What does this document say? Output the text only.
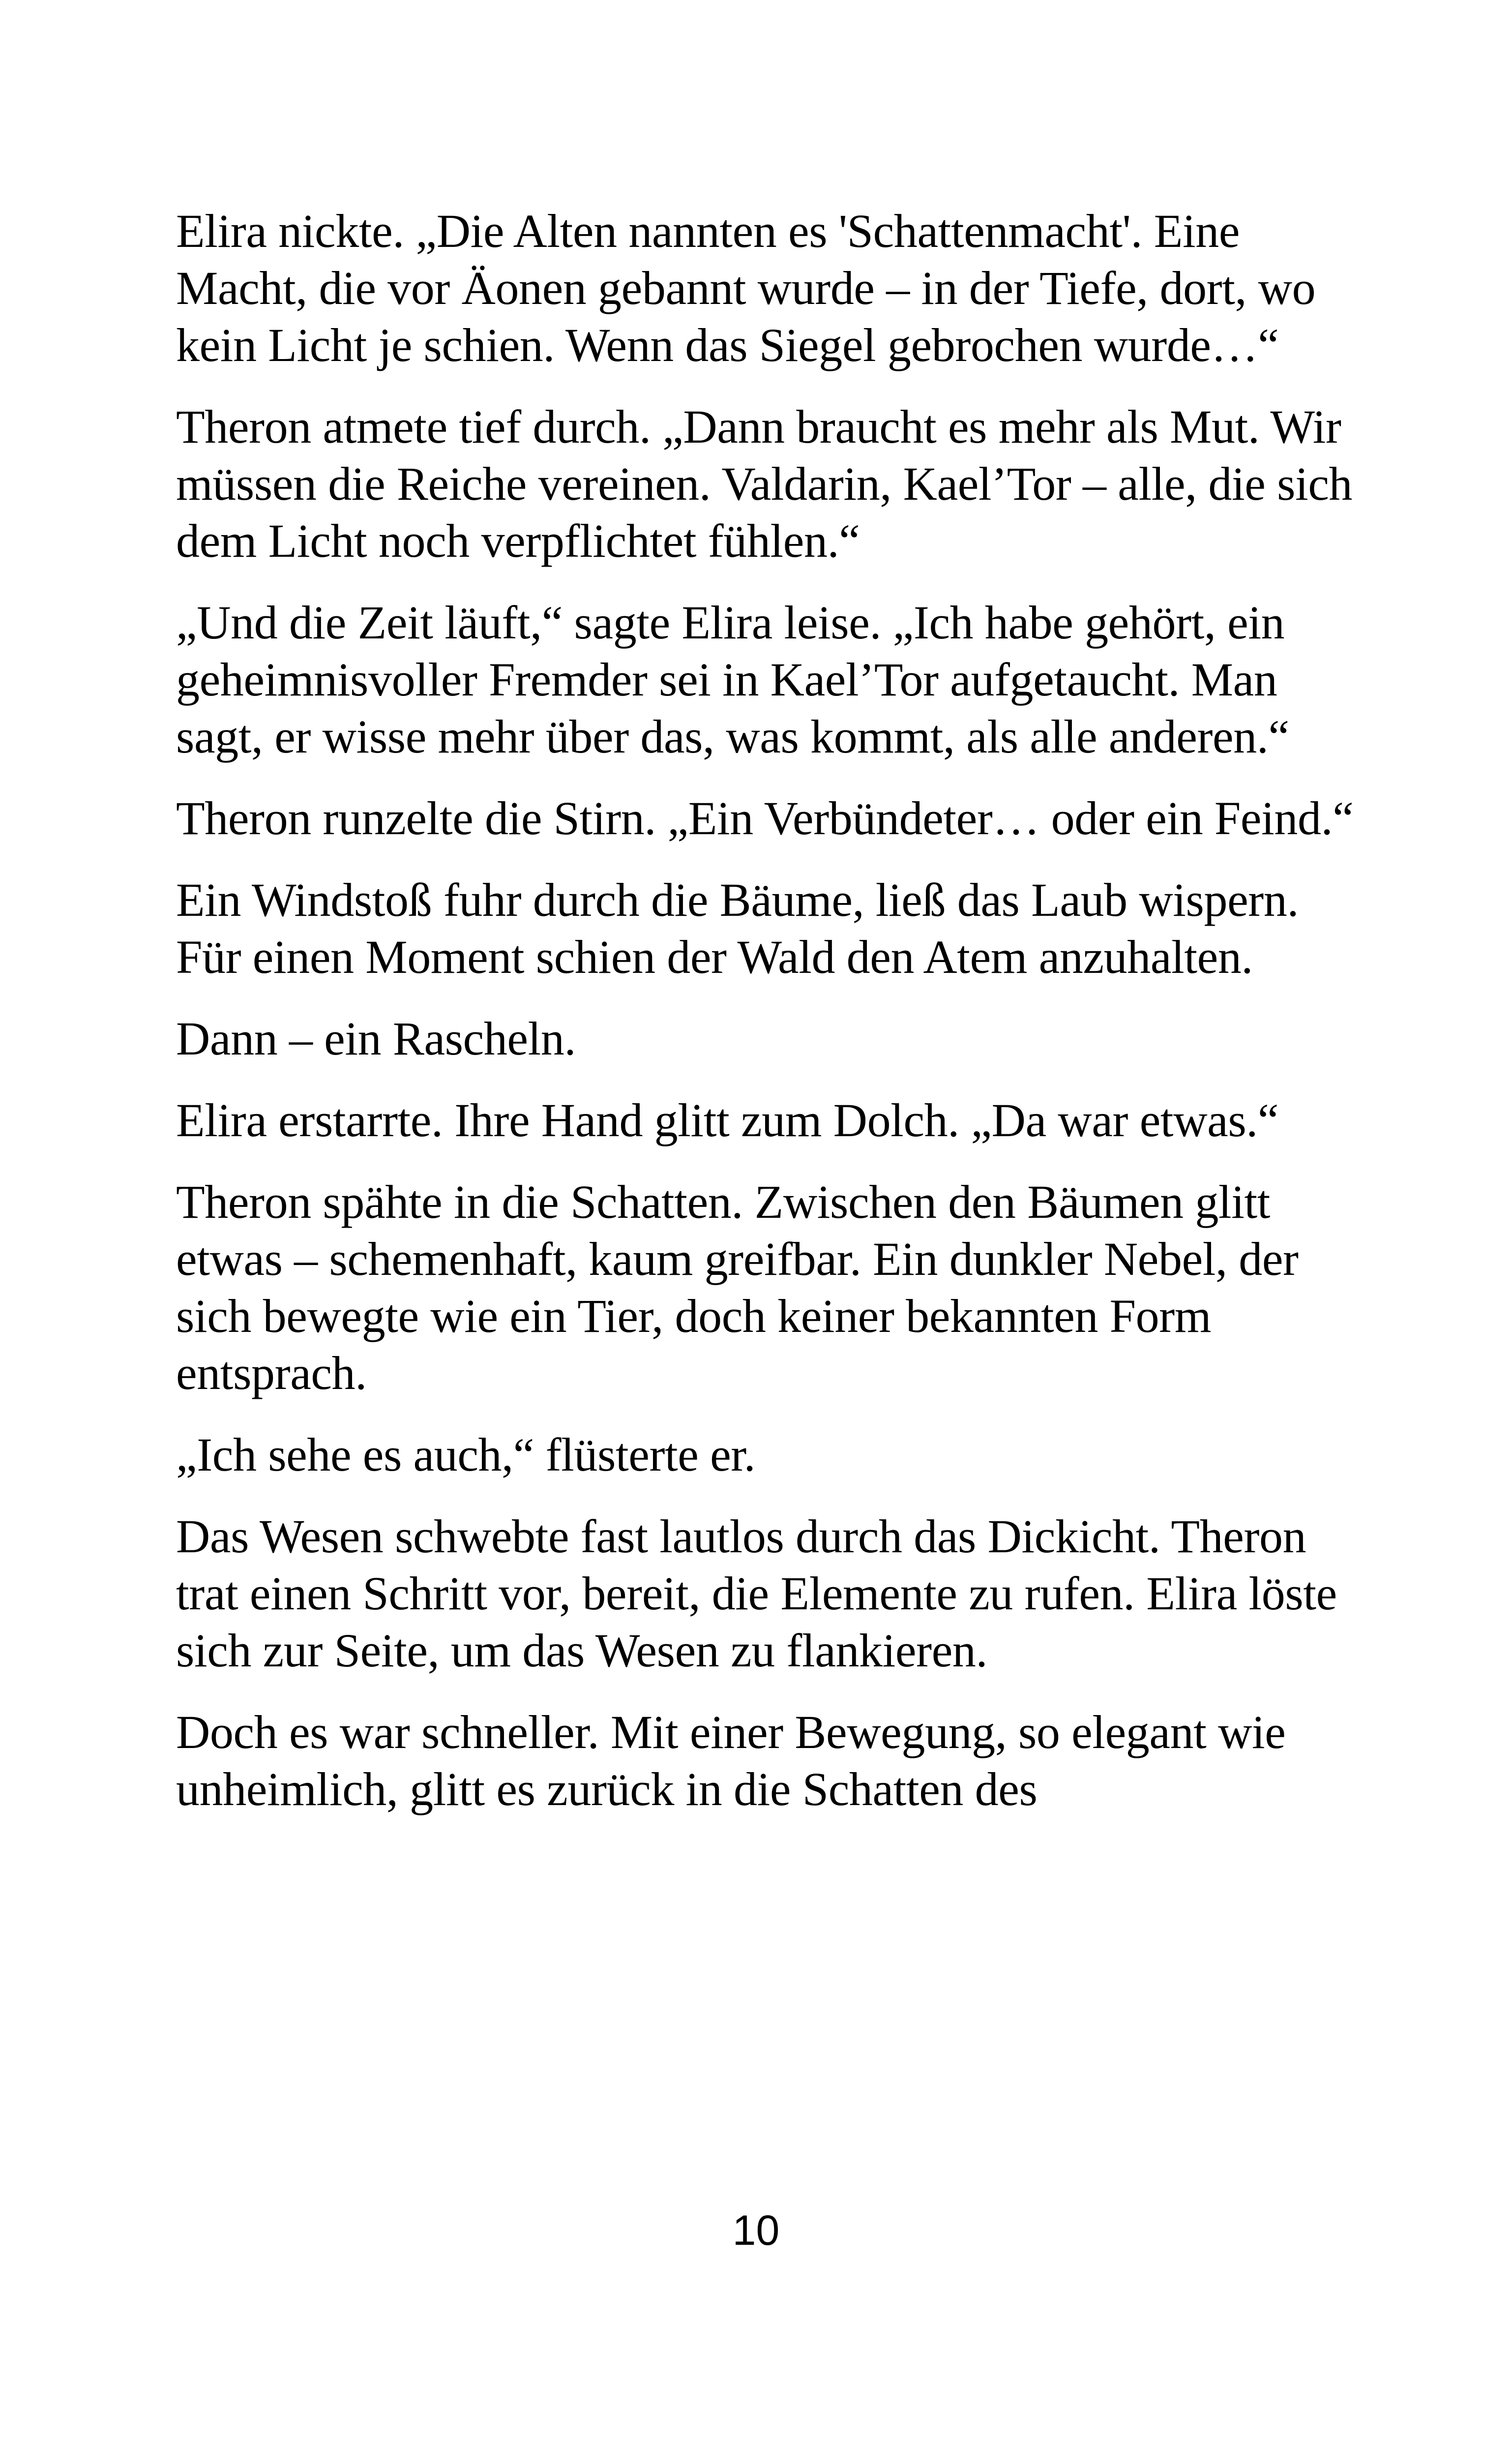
Elira nickte. „Die Alten nannten es 'Schattenmacht'. Eine Macht, die vor Äonen gebannt wurde – in der Tiefe, dort, wo kein Licht je schien. Wenn das Siegel gebrochen wurde…“

Theron atmete tief durch. „Dann braucht es mehr als Mut. Wir müssen die Reiche vereinen. Valdarin, Kael’Tor – alle, die sich dem Licht noch verpflichtet fühlen.“

„Und die Zeit läuft,“ sagte Elira leise. „Ich habe gehört, ein geheimnisvoller Fremder sei in Kael’Tor aufgetaucht. Man sagt, er wisse mehr über das, was kommt, als alle anderen.“

Theron runzelte die Stirn. „Ein Verbündeter… oder ein Feind.“

Ein Windstoß fuhr durch die Bäume, ließ das Laub wispern. Für einen Moment schien der Wald den Atem anzuhalten.

Dann – ein Rascheln.

Elira erstarrte. Ihre Hand glitt zum Dolch. „Da war etwas.“

Theron spähte in die Schatten. Zwischen den Bäumen glitt etwas – schemenhaft, kaum greifbar. Ein dunkler Nebel, der sich bewegte wie ein Tier, doch keiner bekannten Form entsprach.

„Ich sehe es auch,“ flüsterte er.

Das Wesen schwebte fast lautlos durch das Dickicht. Theron trat einen Schritt vor, bereit, die Elemente zu rufen. Elira löste sich zur Seite, um das Wesen zu flankieren.

Doch es war schneller. Mit einer Bewegung, so elegant wie unheimlich, glitt es zurück in die Schatten des

10
